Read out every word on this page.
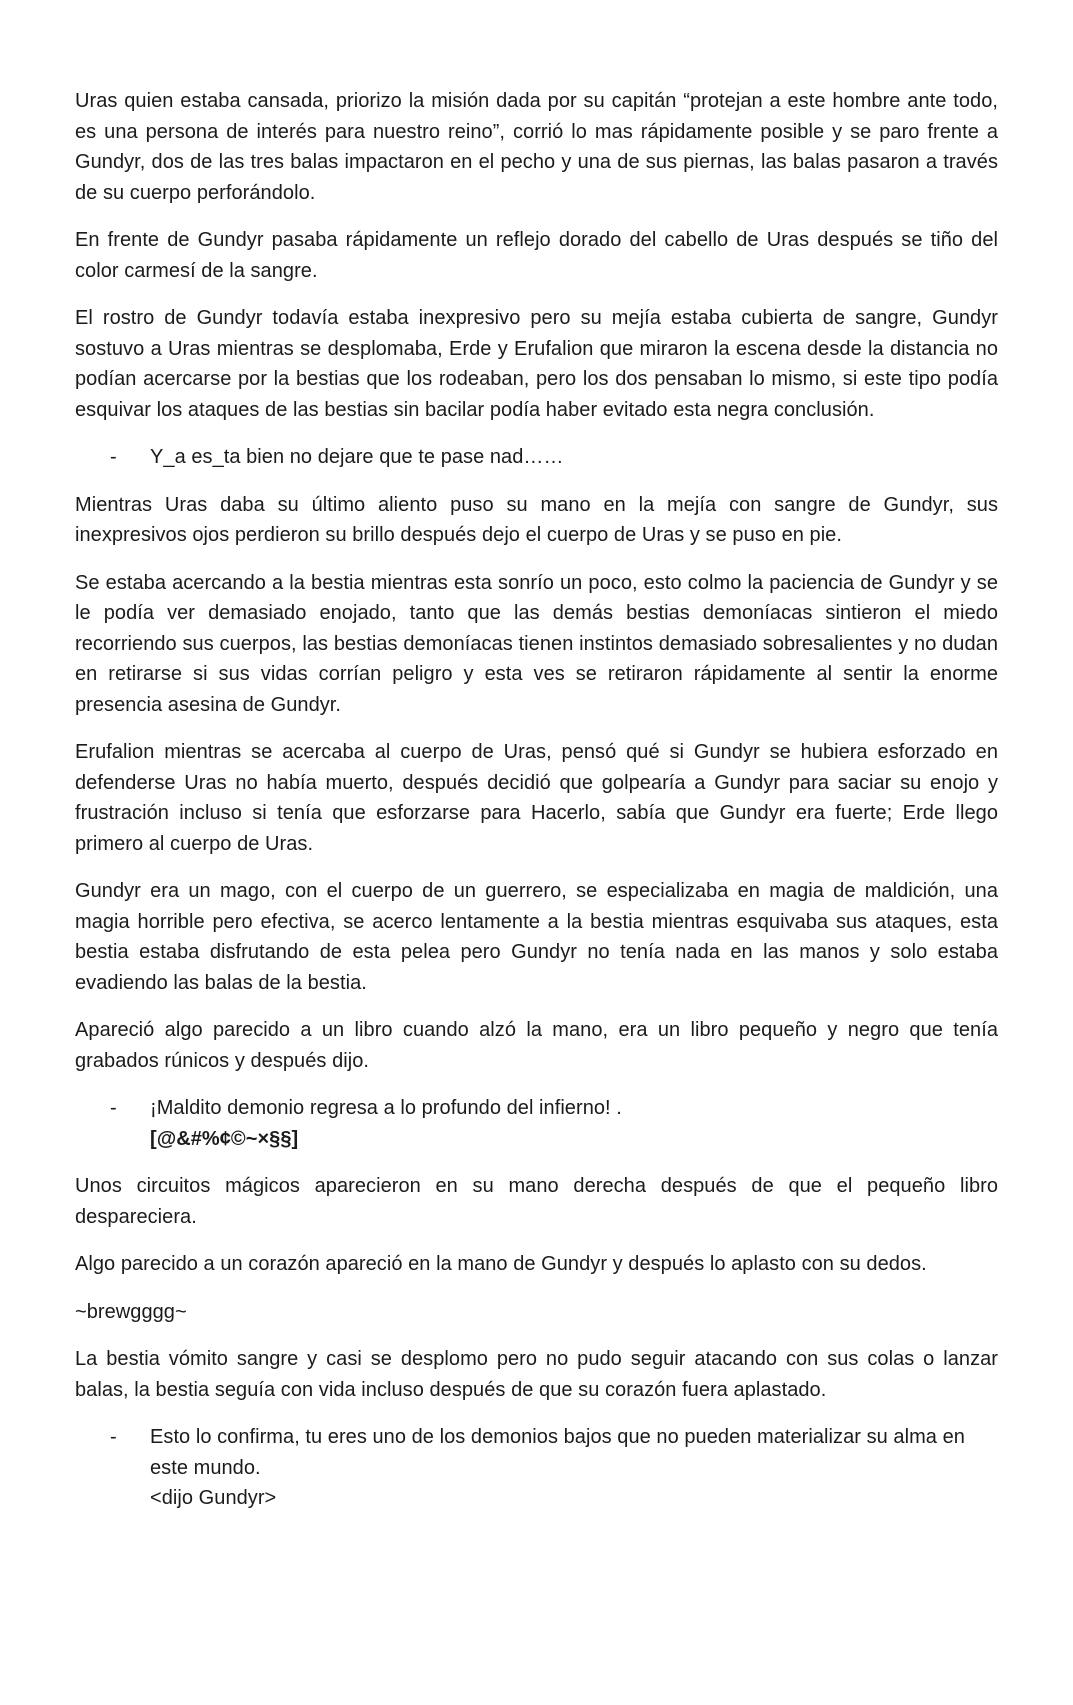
Uras quien estaba cansada, priorizo la misión dada por su capitán “protejan a este hombre ante todo, es una persona de interés para nuestro reino”, corrió lo mas rápidamente posible y se paro frente a Gundyr, dos de las tres balas impactaron en el pecho y una de sus piernas, las balas pasaron a través de su cuerpo perforándolo.

En frente de Gundyr pasaba rápidamente un reflejo dorado del cabello de Uras después se tiño del color carmesí de la sangre.

El rostro de Gundyr todavía estaba inexpresivo pero su mejía estaba cubierta de sangre, Gundyr sostuvo a Uras mientras se desplomaba, Erde y Erufalion que miraron la escena desde la distancia no podían acercarse por la bestias que los rodeaban, pero los dos pensaban lo mismo, si este tipo podía esquivar los ataques de las bestias sin bacilar podía haber evitado esta negra conclusión.

- Y_a es_ta bien no dejare que te pase nad……

Mientras Uras daba su último aliento puso su mano en la mejía con sangre de Gundyr, sus inexpresivos ojos perdieron su brillo después dejo el cuerpo de Uras y se puso en pie.

Se estaba acercando a la bestia mientras esta sonrío un poco, esto colmo la paciencia de Gundyr y se le podía ver demasiado enojado, tanto que las demás bestias demoníacas sintieron el miedo recorriendo sus cuerpos, las bestias demoníacas tienen instintos demasiado sobresalientes y no dudan en retirarse si sus vidas corrían peligro y esta ves se retiraron rápidamente al sentir la enorme presencia asesina de Gundyr.

Erufalion mientras se acercaba al cuerpo de Uras, pensó qué si Gundyr se hubiera esforzado en defenderse Uras no había muerto, después decidió que golpearía a Gundyr para saciar su enojo y frustración incluso si tenía que esforzarse para Hacerlo, sabía que Gundyr era fuerte; Erde llego primero al cuerpo de Uras.

Gundyr era un mago, con el cuerpo de un guerrero, se especializaba en magia de maldición, una magia horrible pero efectiva, se acerco lentamente a la bestia mientras esquivaba sus ataques, esta bestia estaba disfrutando de esta pelea pero Gundyr no tenía nada en las manos y solo estaba evadiendo las balas de la bestia.

Apareció algo parecido a un libro cuando alzó la mano, era un libro pequeño y negro que tenía grabados rúnicos y después dijo.

- ¡Maldito demonio regresa a lo profundo del infierno! .
[@&#%¢©~×§§]

Unos circuitos mágicos aparecieron en su mano derecha después de que el pequeño libro despareciera.

Algo parecido a un corazón apareció en la mano de Gundyr y después lo aplasto con su dedos.

~brewgggg~

La bestia vómito sangre y casi se desplomo pero no pudo seguir atacando con sus colas o lanzar balas, la bestia seguía con vida incluso después de que su corazón fuera aplastado.

- Esto lo confirma, tu eres uno de los demonios bajos que no pueden materializar su alma en este mundo.
<dijo Gundyr>
